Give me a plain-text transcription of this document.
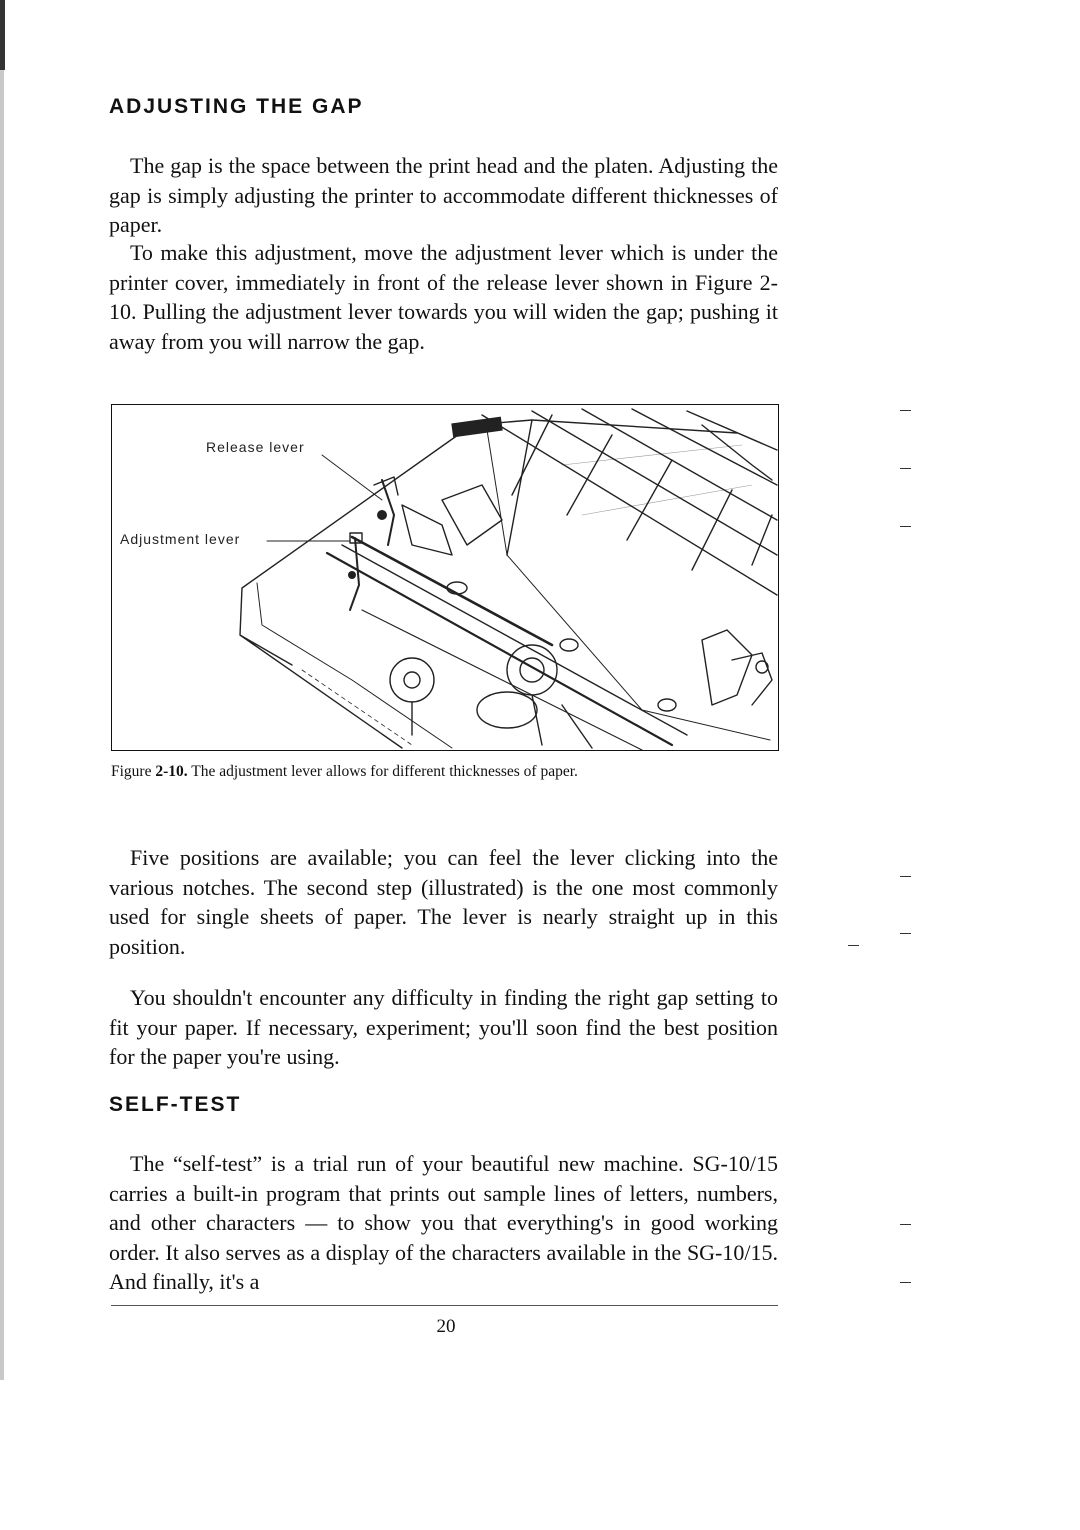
ADJUSTING THE GAP

The gap is the space between the print head and the platen. Adjusting the gap is simply adjusting the printer to accommodate different thicknesses of paper.

To make this adjustment, move the adjustment lever which is under the printer cover, immediately in front of the release lever shown in Figure 2-10. Pulling the adjustment lever towards you will widen the gap; pushing it away from you will narrow the gap.

Release lever
Adjustment lever

Figure 2-10. The adjustment lever allows for different thicknesses of paper.

Five positions are available; you can feel the lever clicking into the various notches. The second step (illustrated) is the one most commonly used for single sheets of paper. The lever is nearly straight up in this position.

You shouldn't encounter any difficulty in finding the right gap setting to fit your paper. If necessary, experiment; you'll soon find the best position for the paper you're using.

SELF-TEST

The “self-test” is a trial run of your beautiful new machine. SG-10/15 carries a built-in program that prints out sample lines of letters, numbers, and other characters — to show you that everything's in good working order. It also serves as a display of the characters available in the SG-10/15. And finally, it's a

20
